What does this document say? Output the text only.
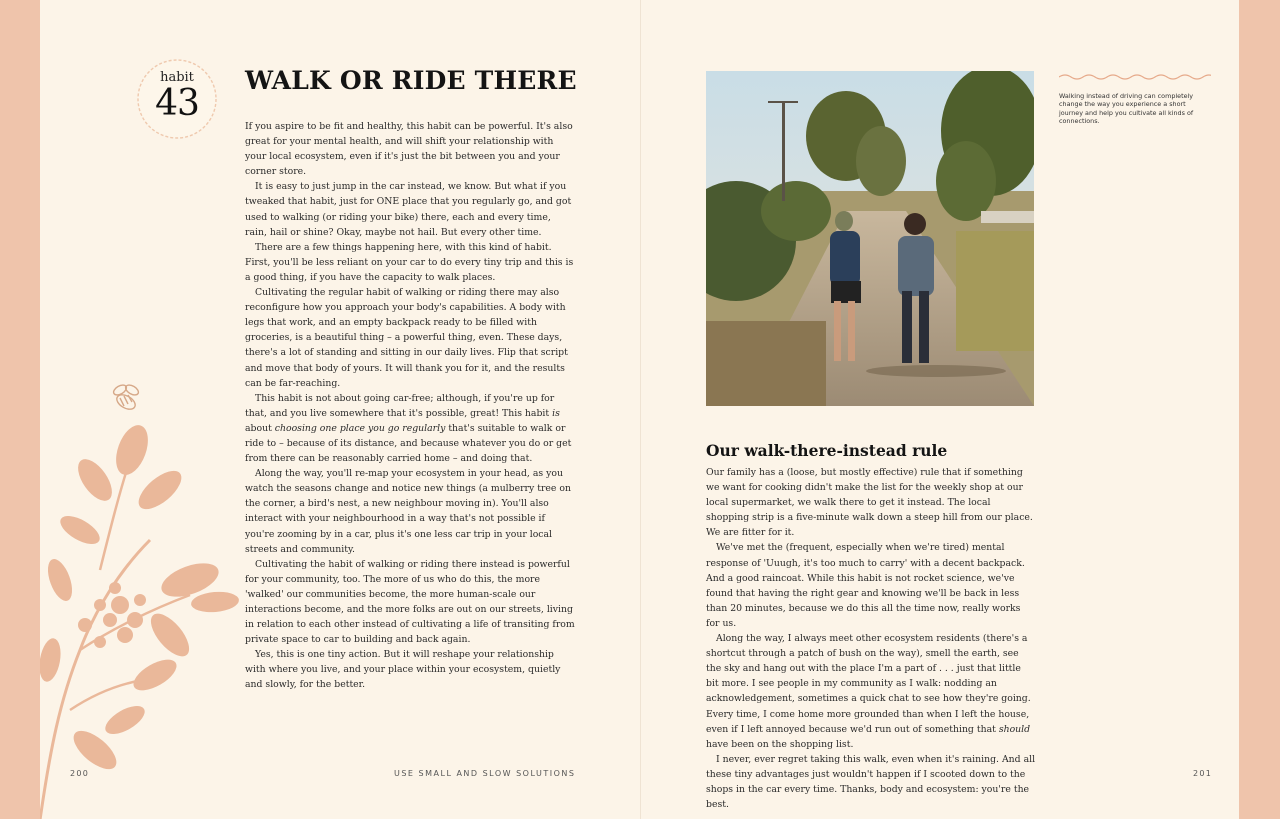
habit
43
WALK OR RIDE THERE

If you aspire to be fit and healthy, this habit can be powerful. It's also great for your mental health, and will shift your relationship with your local ecosystem, even if it's just the bit between you and your corner store.

It is easy to just jump in the car instead, we know. But what if you tweaked that habit, just for ONE place that you regularly go, and got used to walking (or riding your bike) there, each and every time, rain, hail or shine? Okay, maybe not hail. But every other time.

There are a few things happening here, with this kind of habit. First, you'll be less reliant on your car to do every tiny trip and this is a good thing, if you have the capacity to walk places.

Cultivating the regular habit of walking or riding there may also reconfigure how you approach your body's capabilities. A body with legs that work, and an empty backpack ready to be filled with groceries, is a beautiful thing – a powerful thing, even. These days, there's a lot of standing and sitting in our daily lives. Flip that script and move that body of yours. It will thank you for it, and the results can be far-reaching.

This habit is not about going car-free; although, if you're up for that, and you live somewhere that it's possible, great! This habit is about choosing one place you go regularly that's suitable to walk or ride to – because of its distance, and because whatever you do or get from there can be reasonably carried home – and doing that.

Along the way, you'll re-map your ecosystem in your head, as you watch the seasons change and notice new things (a mulberry tree on the corner, a bird's nest, a new neighbour moving in). You'll also interact with your neighbourhood in a way that's not possible if you're zooming by in a car, plus it's one less car trip in your local streets and community.

Cultivating the habit of walking or riding there instead is powerful for your community, too. The more of us who do this, the more 'walked' our communities become, the more human-scale our interactions become, and the more folks are out on our streets, living in relation to each other instead of cultivating a life of transiting from private space to car to building and back again.

Yes, this is one tiny action. But it will reshape your relationship with where you live, and your place within your ecosystem, quietly and slowly, for the better.

200	USE SMALL AND SLOW SOLUTIONS

Walking instead of driving can completely change the way you experience a short journey and help you cultivate all kinds of connections.

Our walk-there-instead rule

Our family has a (loose, but mostly effective) rule that if something we want for cooking didn't make the list for the weekly shop at our local supermarket, we walk there to get it instead. The local shopping strip is a five-minute walk down a steep hill from our place. We are fitter for it.

We've met the (frequent, especially when we're tired) mental response of 'Uuugh, it's too much to carry' with a decent backpack. And a good raincoat. While this habit is not rocket science, we've found that having the right gear and knowing we'll be back in less than 20 minutes, because we do this all the time now, really works for us.

Along the way, I always meet other ecosystem residents (there's a shortcut through a patch of bush on the way), smell the earth, see the sky and hang out with the place I'm a part of . . . just that little bit more. I see people in my community as I walk: nodding an acknowledgement, sometimes a quick chat to see how they're going. Every time, I come home more grounded than when I left the house, even if I left annoyed because we'd run out of something that should have been on the shopping list.

I never, ever regret taking this walk, even when it's raining. And all these tiny advantages just wouldn't happen if I scooted down to the shops in the car every time. Thanks, body and ecosystem: you're the best.

201
